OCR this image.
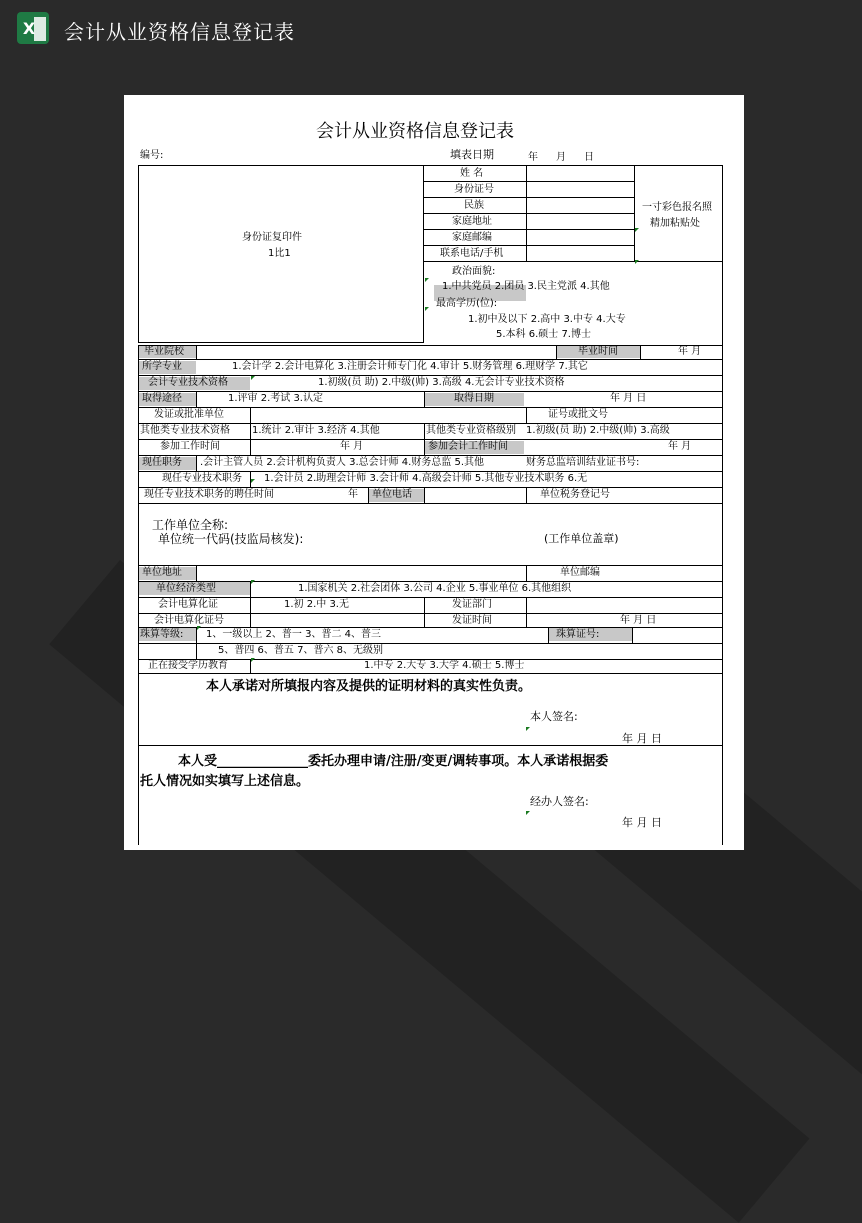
X 会计从业资格信息登记表
会计从业资格信息登记表
编号:	填表日期	年 月 日
身份证复印件
1比1
姓 名
身份证号
民族
家庭地址
家庭邮编
联系电话/手机
一寸彩色报名照
精加粘贴处
政治面貌:
1.中共党员 2.团员 3.民主党派 4.其他
最高学历(位):
1.初中及以下 2.高中 3.中专 4.大专
5.本科 6.硕士 7.博士
毕业院校	毕业时间	年 月
所学专业	1.会计学 2.会计电算化 3.注册会计师专门化 4.审计 5.财务管理 6.理财学 7.其它
会计专业技术资格	1.初级(员 助) 2.中级(帅) 3.高级 4.无会计专业技术资格
取得途径	1.评审 2.考试 3.认定	取得日期	年 月 日
发证或批准单位	证号或批文号
其他类专业技术资格 1.统计 2.审计 3.经济 4.其他	其他类专业资格级别 1.初级(员 助) 2.中级(帅) 3.高级
参加工作时间	年 月	参加会计工作时间	年 月
现任职务 .会计主管人员 2.会计机构负责人 3.总会计师 4.财务总监 5.其他	财务总监培训结业证书号:
现任专业技术职务 1.会计员 2.助理会计师 3.会计师 4.高级会计师 5.其他专业技术职务 6.无
现任专业技术职务的聘任时间	年 单位电话	单位税务登记号
工作单位全称:
单位统一代码(技监局核发):	(工作单位盖章)
单位地址	单位邮编
单位经济类型	1.国家机关 2.社会团体 3.公司 4.企业 5.事业单位 6.其他组织
会计电算化证	1.初 2.中 3.无	发证部门
会计电算化证号	发证时间	年 月 日
珠算等级: 1、一级以上 2、普一 3、普二 4、普三	珠算证号:
5、普四 6、普五 7、普六 8、无级别
正在接受学历教育	1.中专 2.大专 3.大学 4.硕士 5.博士
本人承诺对所填报内容及提供的证明材料的真实性负责。
本人签名:
年 月 日
本人受______________委托办理申请/注册/变更/调转事项。本人承诺根据委
托人情况如实填写上述信息。
经办人签名:
年 月 日
